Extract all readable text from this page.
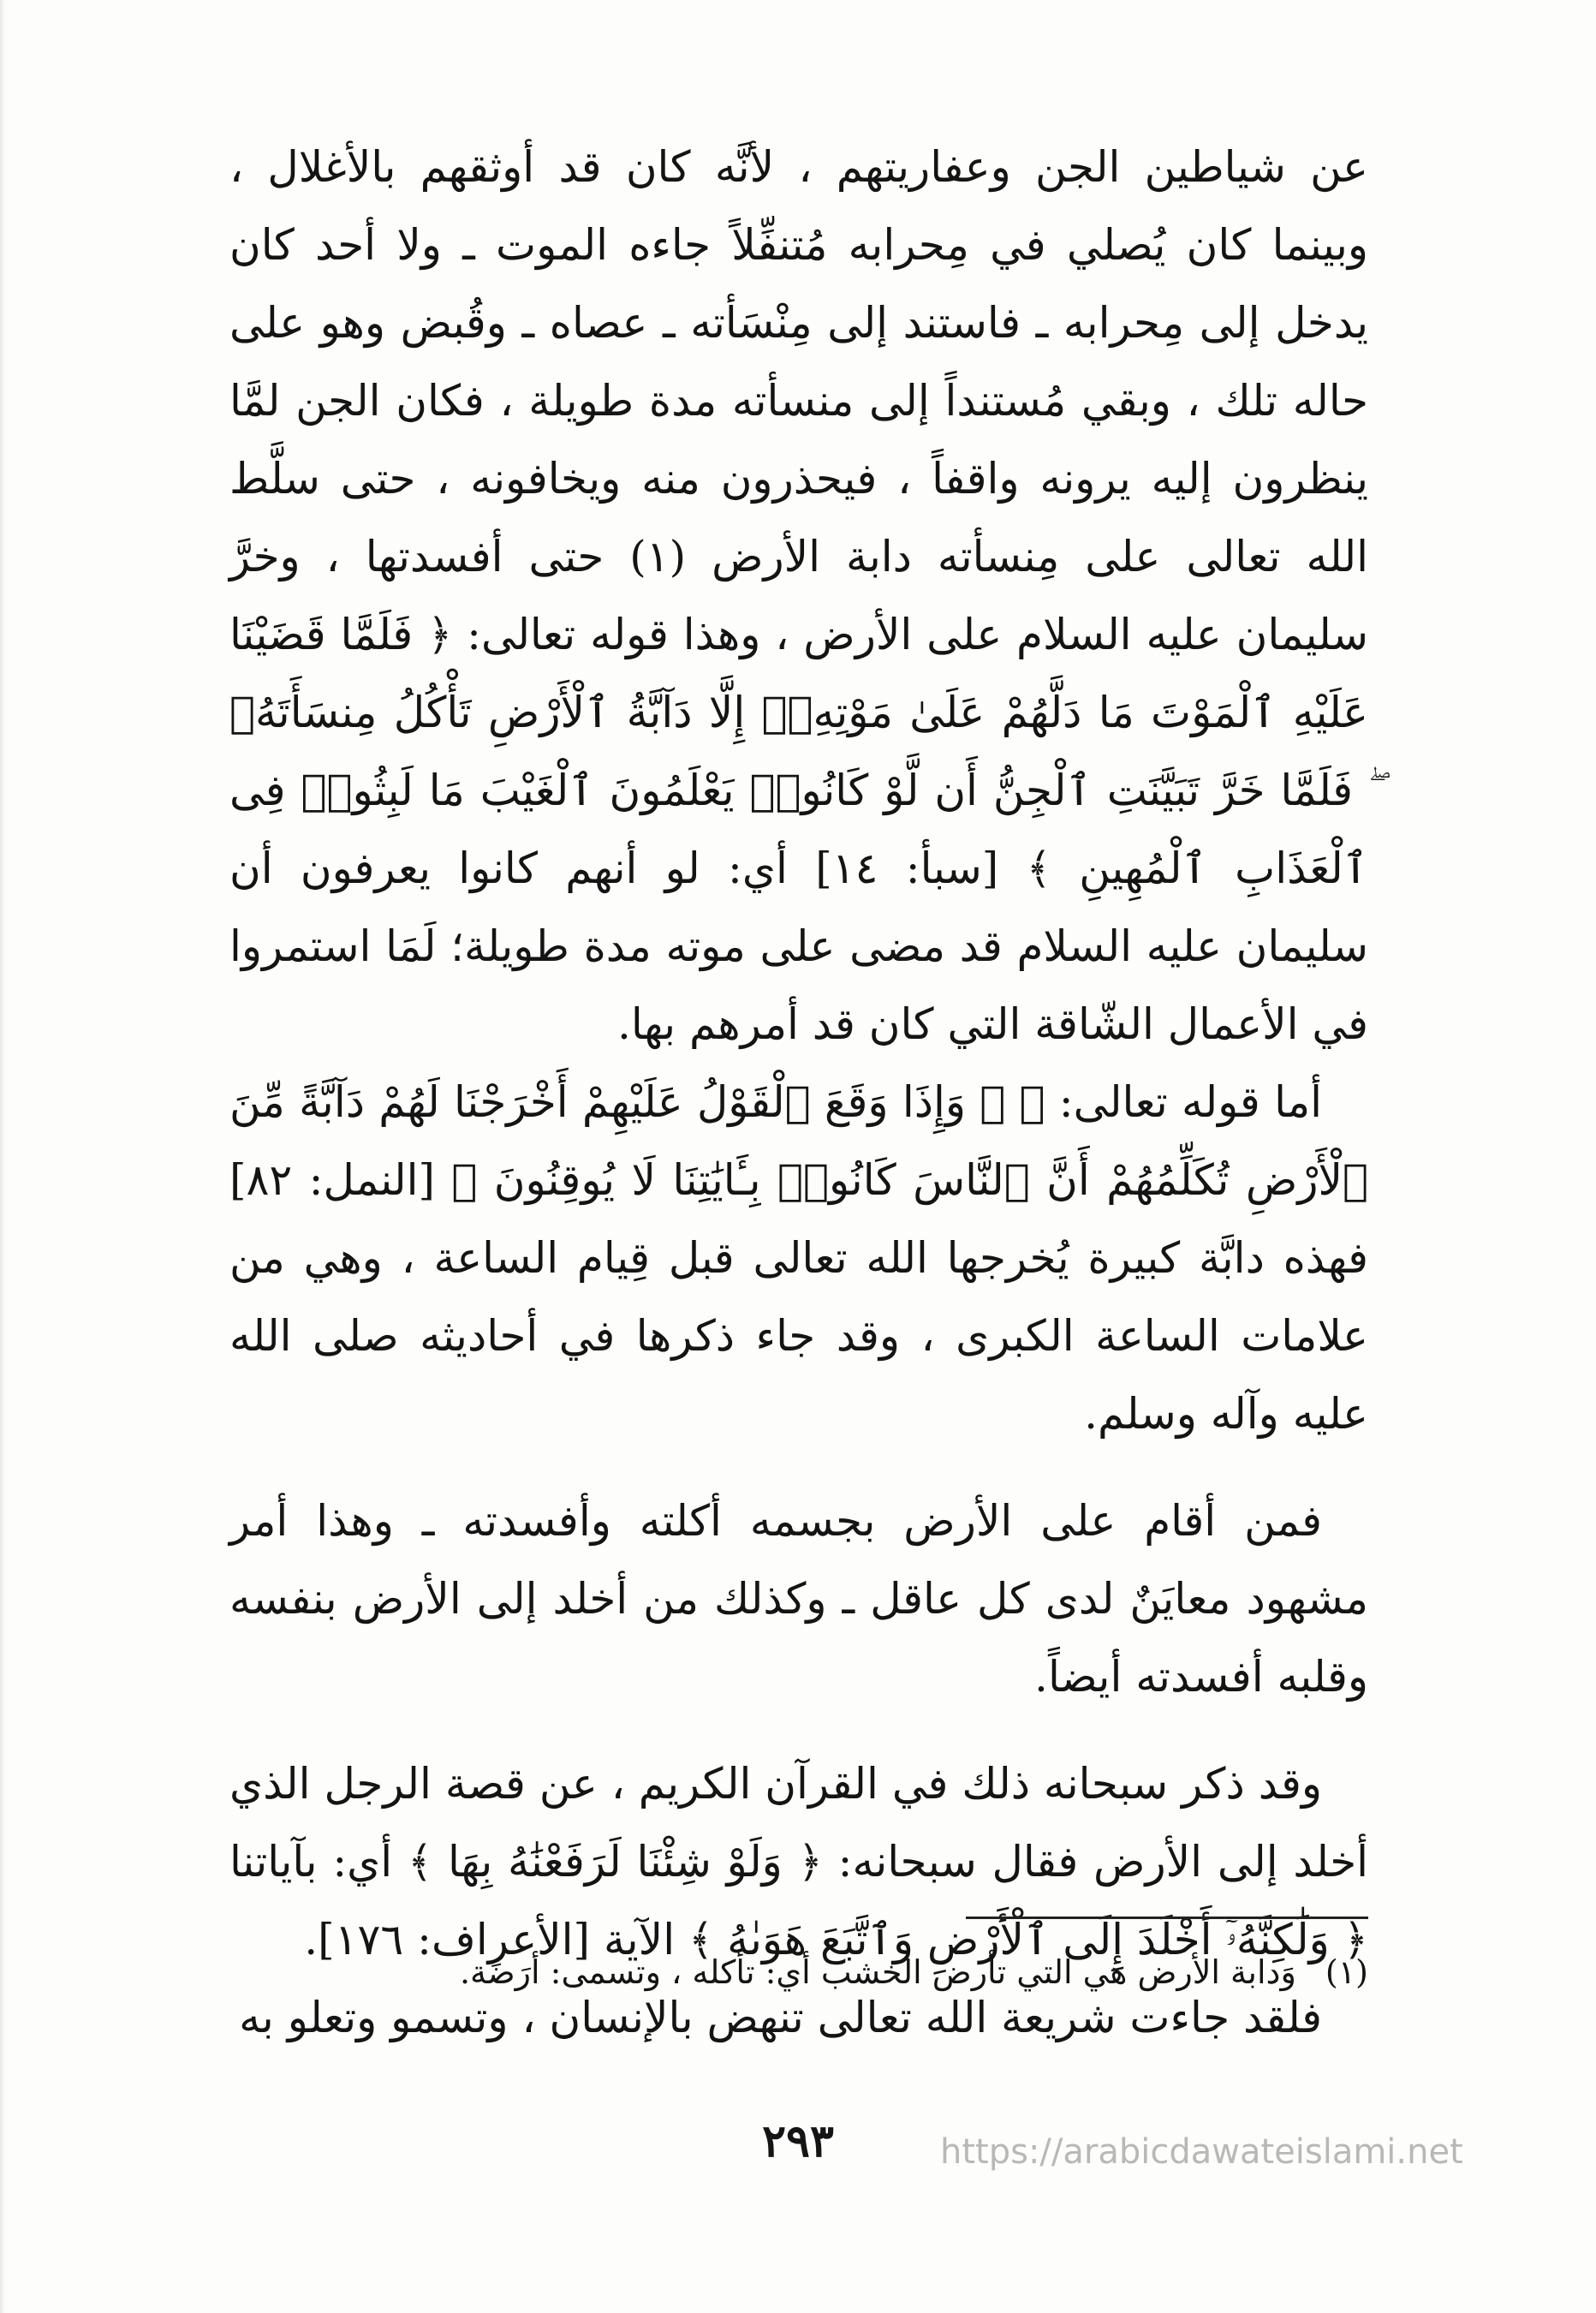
عن شياطين الجن وعفاريتهم ، لأنَّه كان قد أوثقهم بالأغلال ، وبينما كان يُصلي في مِحرابه مُتنفِّلاً جاءه الموت ـ ولا أحد كان يدخل إلى مِحرابه ـ فاستند إلى مِنْسَأته ـ عصاه ـ وقُبض وهو على حاله تلك ، وبقي مُستنداً إلى منسأته مدة طويلة ، فكان الجن لمَّا ينظرون إليه يرونه واقفاً ، فيحذرون منه ويخافونه ، حتى سلَّط الله تعالى على مِنسأته دابة الأرض (١) حتى أفسدتها ، وخرَّ سليمان عليه السلام على الأرض ، وهذا قوله تعالى: ﴿ فَلَمَّا قَضَيْنَا عَلَيْهِ ٱلْمَوْتَ مَا دَلَّهُمْ عَلَىٰ مَوْتِهِۦٓ إِلَّا دَآبَّةُ ٱلْأَرْضِ تَأْكُلُ مِنسَأَتَهُۥ ۖ فَلَمَّا خَرَّ تَبَيَّنَتِ ٱلْجِنُّ أَن لَّوْ كَانُوا۟ يَعْلَمُونَ ٱلْغَيْبَ مَا لَبِثُوا۟ فِى ٱلْعَذَابِ ٱلْمُهِينِ ﴾ [سبأ: ١٤] أي: لو أنهم كانوا يعرفون أن سليمان عليه السلام قد مضى على موته مدة طويلة؛ لَمَا استمروا في الأعمال الشّاقة التي كان قد أمرهم بها.

أما قوله تعالى: ﴿ ۞ وَإِذَا وَقَعَ ٱلْقَوْلُ عَلَيْهِمْ أَخْرَجْنَا لَهُمْ دَآبَّةً مِّنَ ٱلْأَرْضِ تُكَلِّمُهُمْ أَنَّ ٱلنَّاسَ كَانُوا۟ بِـَٔايَٰتِنَا لَا يُوقِنُونَ ﴾ [النمل: ٨٢] فهذه دابَّة كبيرة يُخرجها الله تعالى قبل قِيام الساعة ، وهي من علامات الساعة الكبرى ، وقد جاء ذكرها في أحاديثه صلى الله عليه وآله وسلم.

فمن أقام على الأرض بجسمه أكلته وأفسدته ـ وهذا أمر مشهود معايَنٌ لدى كل عاقل ـ وكذلك من أخلد إلى الأرض بنفسه وقلبه أفسدته أيضاً.

وقد ذكر سبحانه ذلك في القرآن الكريم ، عن قصة الرجل الذي أخلد إلى الأرض فقال سبحانه: ﴿ وَلَوْ شِئْنَا لَرَفَعْنَٰهُ بِهَا ﴾ أي: بآياتنا ﴿ وَلَٰكِنَّهُۥٓ أَخْلَدَ إِلَى ٱلْأَرْضِ وَٱتَّبَعَ هَوَىٰهُ ﴾ الآية [الأعراف: ١٧٦].

فلقد جاءت شريعة الله تعالى تنهض بالإنسان ، وتسمو وتعلو به

(١) وَدابة الأرض هي التي تأرض الخشب أي: تأكله ، وتسمى: أرَضَة.
٢٩٣	https://arabicdawateislami.net
